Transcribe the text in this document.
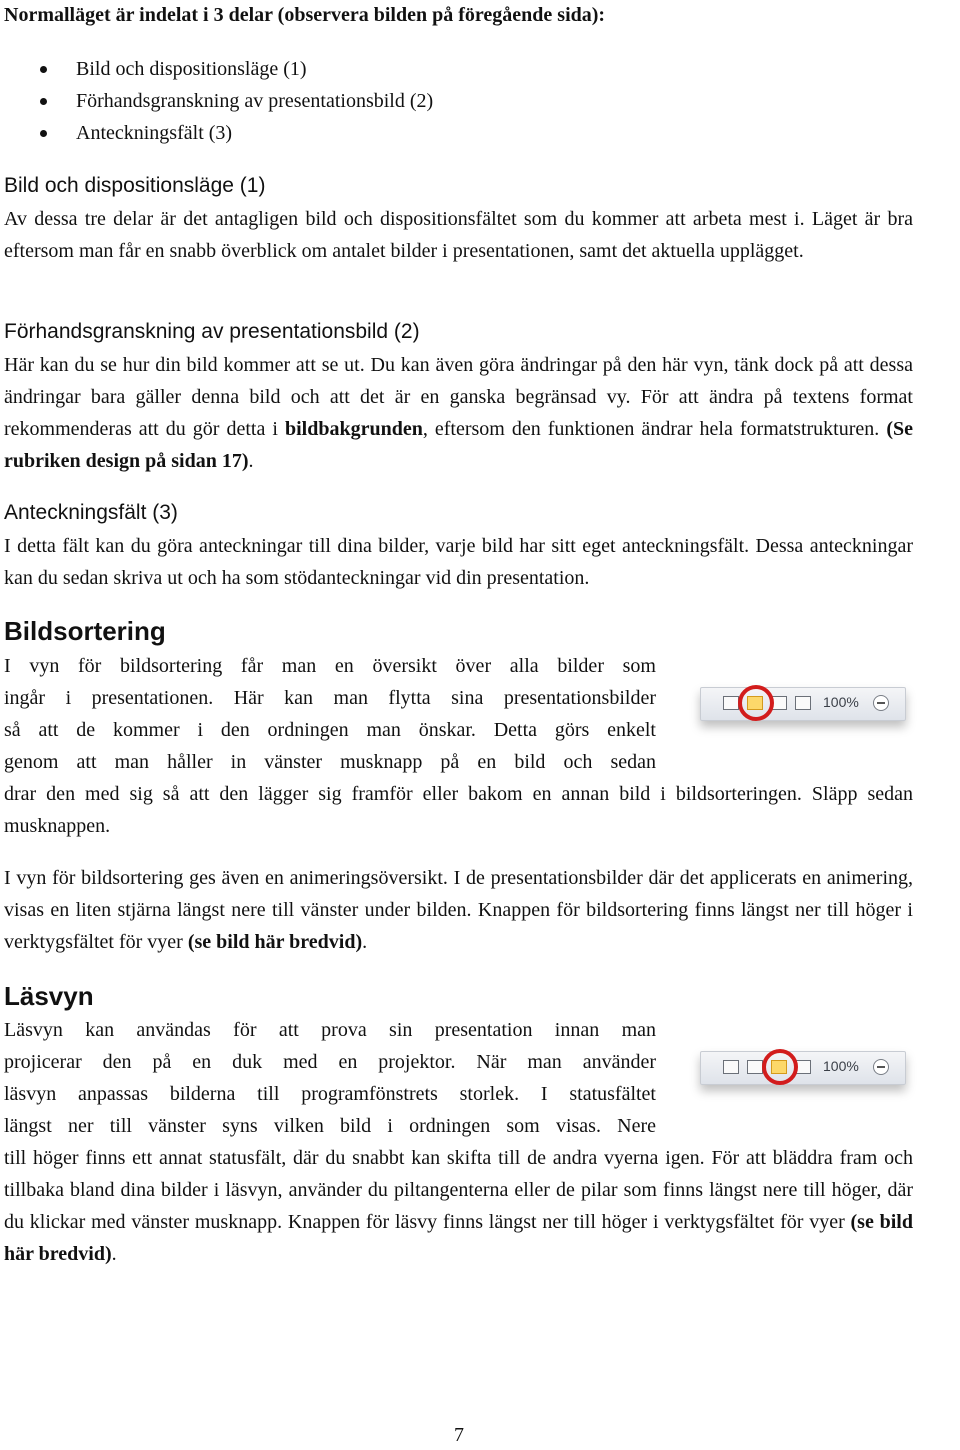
Normalläget är indelat i 3 delar (observera bilden på föregående sida):
Bild och dispositionsläge (1)
Förhandsgranskning av presentationsbild (2)
Anteckningsfält (3)
Bild och dispositionsläge (1)
Av dessa tre delar är det antagligen bild och dispositionsfältet som du kommer att arbeta mest i. Läget är bra eftersom man får en snabb överblick om antalet bilder i presentationen, samt det aktuella upplägget.
Förhandsgranskning av presentationsbild (2)
Här kan du se hur din bild kommer att se ut. Du kan även göra ändringar på den här vyn, tänk dock på att dessa ändringar bara gäller denna bild och att det är en ganska begränsad vy. För att ändra på textens format rekommenderas att du gör detta i bildbakgrunden, eftersom den funktionen ändrar hela formatstrukturen. (Se rubriken design på sidan 17).
Anteckningsfält (3)
I detta fält kan du göra anteckningar till dina bilder, varje bild har sitt eget anteckningsfält. Dessa anteckningar kan du sedan skriva ut och ha som stödanteckningar vid din presentation.
Bildsortering
I vyn för bildsortering får man en översikt över alla bilder som
ingår i presentationen. Här kan man flytta sina presentationsbilder
så att de kommer i den ordningen man önskar. Detta görs enkelt
genom att man håller in vänster musknapp på en bild och sedan
drar den med sig så att den lägger sig framför eller bakom en annan bild i bildsorteringen. Släpp sedan musknappen.
I vyn för bildsortering ges även en animeringsöversikt. I de presentationsbilder där det applicerats en animering, visas en liten stjärna längst nere till vänster under bilden. Knappen för bildsortering finns längst ner till höger i verktygsfältet för vyer (se bild här bredvid).
100%
Läsvyn
Läsvyn kan användas för att prova sin presentation innan man
projicerar den på en duk med en projektor. När man använder
läsvyn anpassas bilderna till programfönstrets storlek. I statusfältet
längst ner till vänster syns vilken bild i ordningen som visas. Nere
till höger finns ett annat statusfält, där du snabbt kan skifta till de andra vyerna igen. För att bläddra fram och tillbaka bland dina bilder i läsvyn, använder du piltangenterna eller de pilar som finns längst nere till höger, där du klickar med vänster musknapp. Knappen för läsvy finns längst ner till höger i verktygsfältet för vyer (se bild här bredvid).
100%
7
